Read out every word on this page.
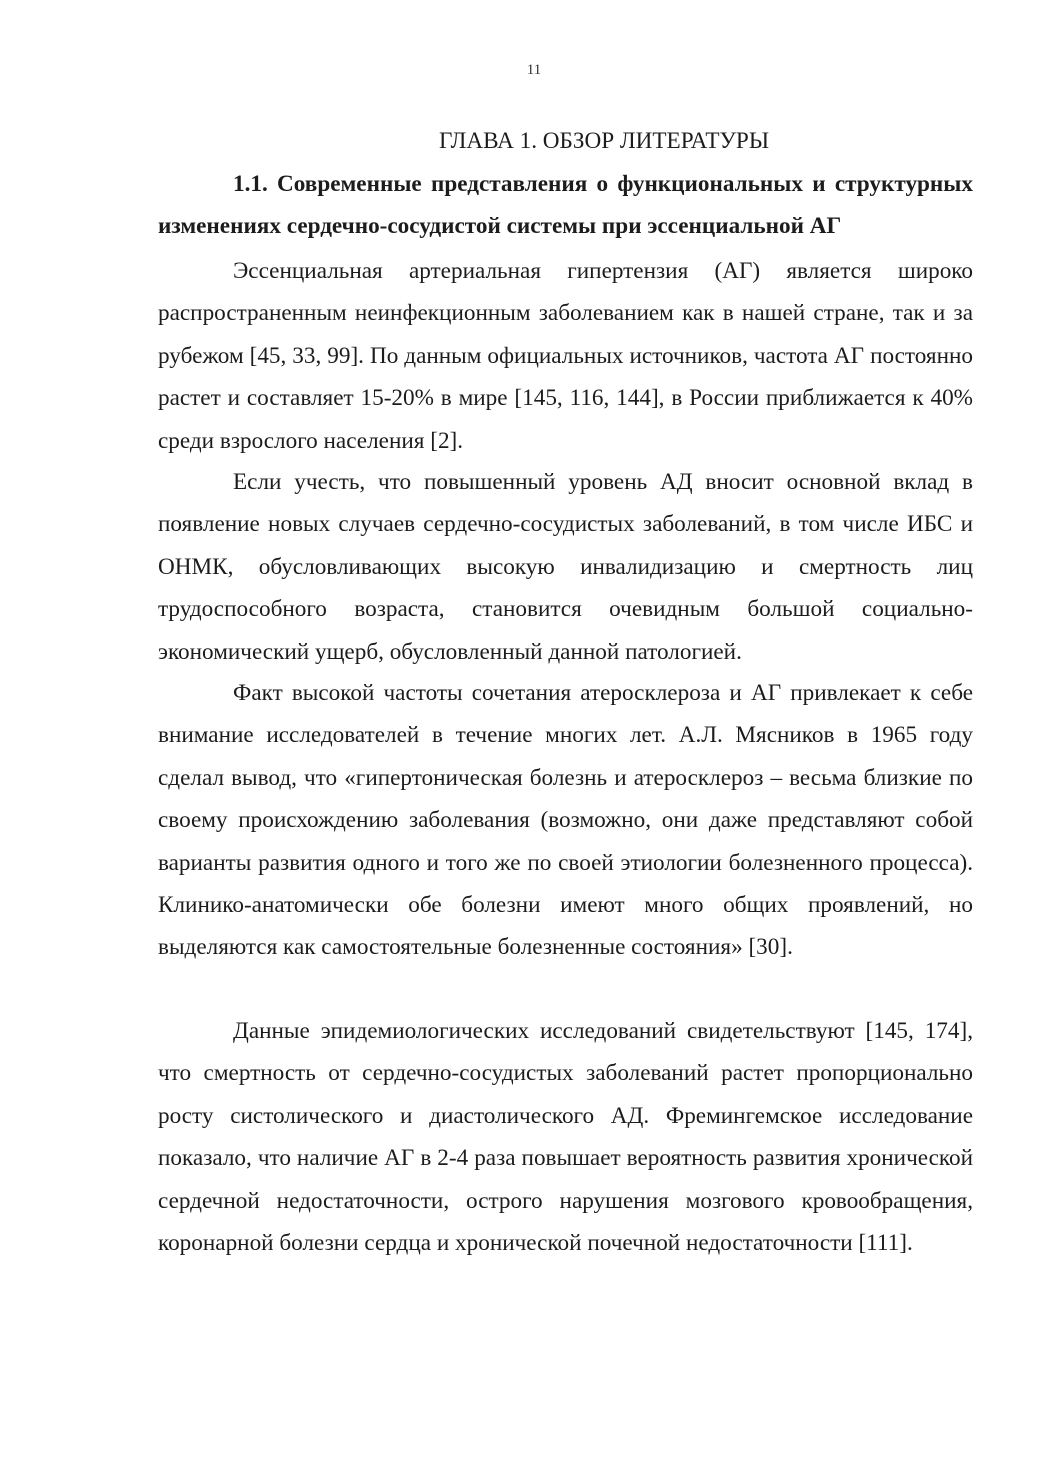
11
ГЛАВА 1. ОБЗОР ЛИТЕРАТУРЫ
1.1. Современные представления о функциональных и структурных изменениях сердечно-сосудистой системы при эссенциальной АГ

Эссенциальная артериальная гипертензия (АГ) является широко распространенным неинфекционным заболеванием как в нашей стране, так и за рубежом [45, 33, 99]. По данным официальных источников, частота АГ постоянно растет и составляет 15-20% в мире [145, 116, 144], в России приближается к 40% среди взрослого населения [2].

Если учесть, что повышенный уровень АД вносит основной вклад в появление новых случаев сердечно-сосудистых заболеваний, в том числе ИБС и ОНМК, обусловливающих высокую инвалидизацию и смертность лиц трудоспособного возраста, становится очевидным большой социально-экономический ущерб, обусловленный данной патологией.

Факт высокой частоты сочетания атеросклероза и АГ привлекает к себе внимание исследователей в течение многих лет. А.Л. Мясников в 1965 году сделал вывод, что «гипертоническая болезнь и атеросклероз – весьма близкие по своему происхождению заболевания (возможно, они даже представляют собой варианты развития одного и того же по своей этиологии болезненного процесса). Клинико-анатомически обе болезни имеют много общих проявлений, но выделяются как самостоятельные болезненные состояния» [30].

Данные эпидемиологических исследований свидетельствуют [145, 174], что смертность от сердечно-сосудистых заболеваний растет пропорционально росту систолического и диастолического АД. Фремингемское исследование показало, что наличие АГ в 2-4 раза повышает вероятность развития хронической сердечной недостаточности, острого нарушения мозгового кровообращения, коронарной болезни сердца и хронической почечной недостаточности [111].
